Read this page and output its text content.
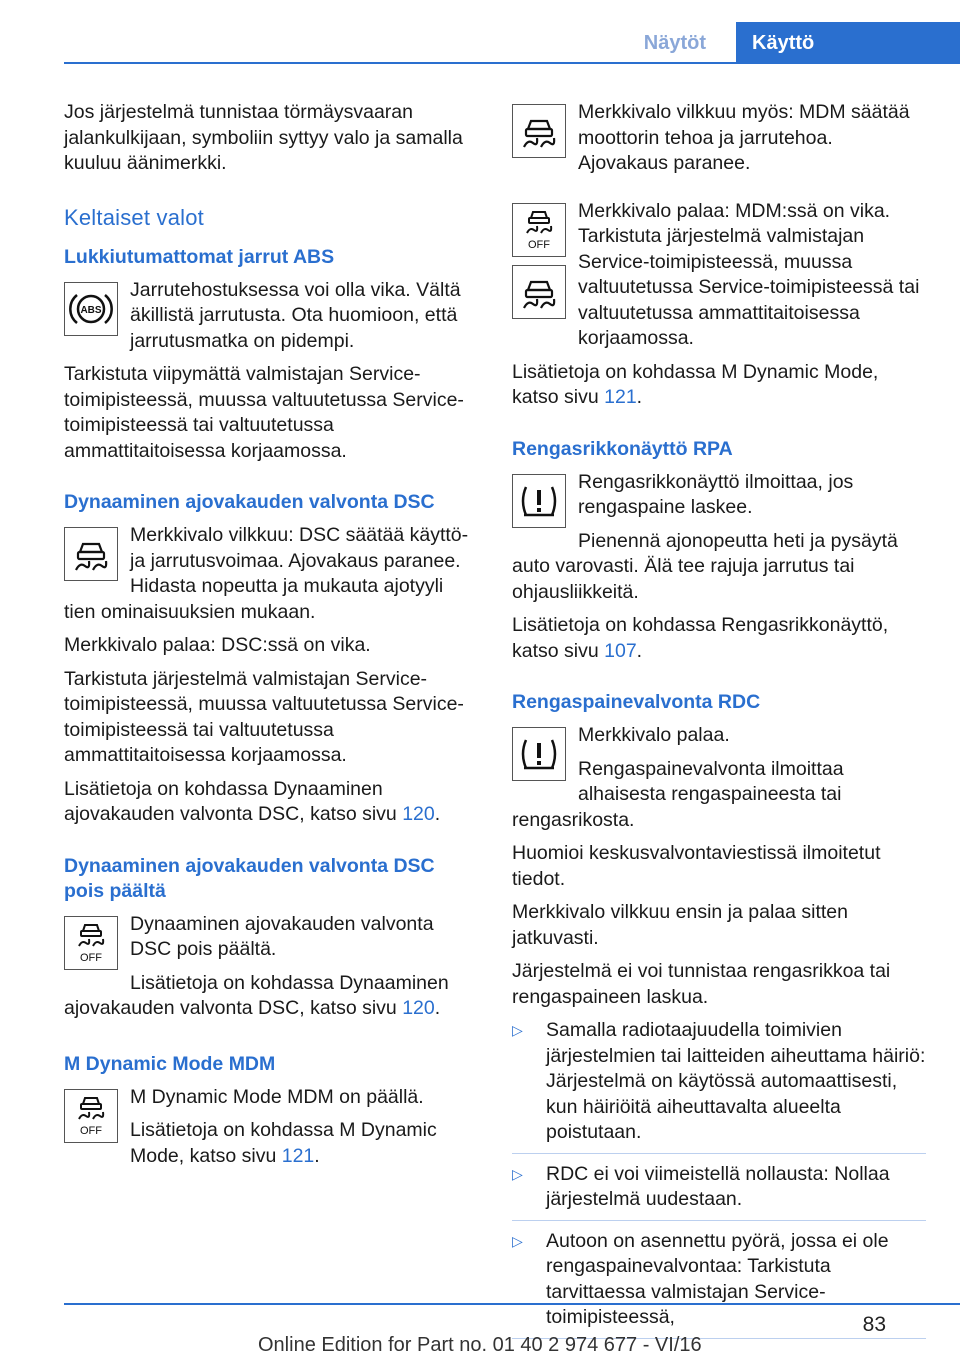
Näytöt	Käyttö

Jos järjestelmä tunnistaa törmäysvaaran jalankulkijaan, symboliin syttyy valo ja samalla kuuluu äänimerkki.

Keltaiset valot
Lukkiutumattomat jarrut ABS
ABS

Jarrutehostuksessa voi olla vika. Vältä äkillistä jarrutusta. Ota huomioon, että jarrutusmatka on pidempi.

Tarkistuta viipymättä valmistajan Service-toimipisteessä, muussa valtuutetussa Service-toimipisteessä tai valtuutetussa ammattitaitoisessa korjaamossa.

Dynaaminen ajovakauden valvonta DSC

Merkkivalo vilkkuu: DSC säätää käyttö- ja jarrutusvoimaa. Ajovakaus paranee. Hidasta nopeutta ja mukauta ajotyyli tien ominaisuuksien mukaan.

Merkkivalo palaa: DSC:ssä on vika.

Tarkistuta järjestelmä valmistajan Service-toimipisteessä, muussa valtuutetussa Service-toimipisteessä tai valtuutetussa ammattitaitoisessa korjaamossa.

Lisätietoja on kohdassa Dynaaminen ajovakauden valvonta DSC, katso sivu 120.

Dynaaminen ajovakauden valvonta DSC pois päältä
OFF

Dynaaminen ajovakauden valvonta DSC pois päältä.

Lisätietoja on kohdassa Dynaaminen ajovakauden valvonta DSC, katso sivu 120.

M Dynamic Mode MDM
OFF

M Dynamic Mode MDM on päällä.

Lisätietoja on kohdassa M Dynamic Mode, katso sivu 121.

Merkkivalo vilkkuu myös: MDM säätää moottorin tehoa ja jarrutehoa. Ajovakaus paranee.

OFF

Merkkivalo palaa: MDM:ssä on vika. Tarkistuta järjestelmä valmistajan Service-toimipisteessä, muussa valtuutetussa Service-toimipisteessä tai valtuutetussa ammattitaitoisessa korjaamossa.

Lisätietoja on kohdassa M Dynamic Mode, katso sivu 121.

Rengasrikkonäyttö RPA

Rengasrikkonäyttö ilmoittaa, jos rengaspaine laskee.

Pienennä ajonopeutta heti ja pysäytä auto varovasti. Älä tee rajuja jarrutus tai ohjausliikkeitä.

Lisätietoja on kohdassa Rengasrikkonäyttö, katso sivu 107.

Rengaspainevalvonta RDC

Merkkivalo palaa.

Rengaspainevalvonta ilmoittaa alhaisesta rengaspaineesta tai rengasrikosta.

Huomioi keskusvalvontaviestissä ilmoitetut tiedot.

Merkkivalo vilkkuu ensin ja palaa sitten jatkuvasti.

Järjestelmä ei voi tunnistaa rengasrikkoa tai rengaspaineen laskua.

▷ Samalla radiotaajuudella toimivien järjestelmien tai laitteiden aiheuttama häiriö: Järjestelmä on käytössä automaattisesti, kun häiriöitä aiheuttavalta alueelta poistutaan.
▷ RDC ei voi viimeistellä nollausta: Nollaa järjestelmä uudestaan.
▷ Autoon on asennettu pyörä, jossa ei ole rengaspainevalvontaa: Tarkistuta tarvittaessa valmistajan Service-toimipisteessä,	83
Online Edition for Part no. 01 40 2 974 677 - VI/16
